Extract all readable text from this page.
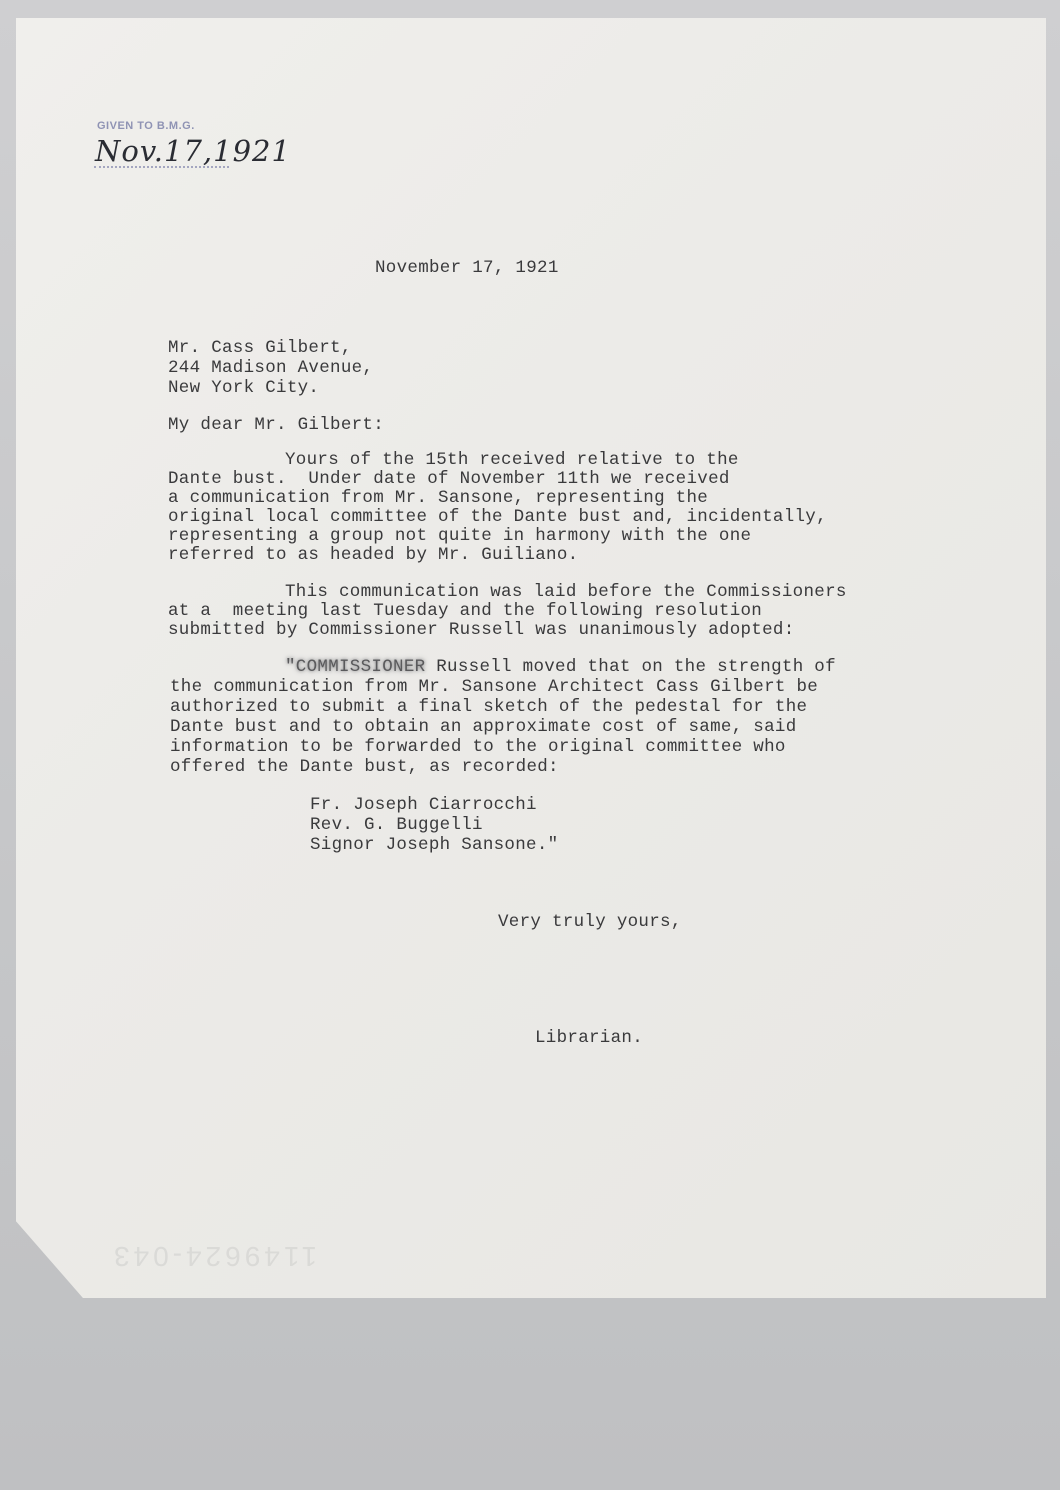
GIVEN TO B.M.G.
Nov.17,1921

November 17, 1921

Mr. Cass Gilbert,

244 Madison Avenue,

New York City.

My dear Mr. Gilbert:

Yours of the 15th received relative to the

Dante bust.  Under date of November 11th we received

a communication from Mr. Sansone, representing the

original local committee of the Dante bust and, incidentally,

representing a group not quite in harmony with the one

referred to as headed by Mr. Guiliano.

This communication was laid before the Commissioners

at a  meeting last Tuesday and the following resolution

submitted by Commissioner Russell was unanimously adopted:

"COMMISSIONER Russell moved that on the strength of

the communication from Mr. Sansone Architect Cass Gilbert be

authorized to submit a final sketch of the pedestal for the

Dante bust and to obtain an approximate cost of same, said

information to be forwarded to the original committee who

offered the Dante bust, as recorded:

Fr. Joseph Ciarrocchi

Rev. G. Buggelli

Signor Joseph Sansone."

Very truly yours,

Librarian.

1149624-043
